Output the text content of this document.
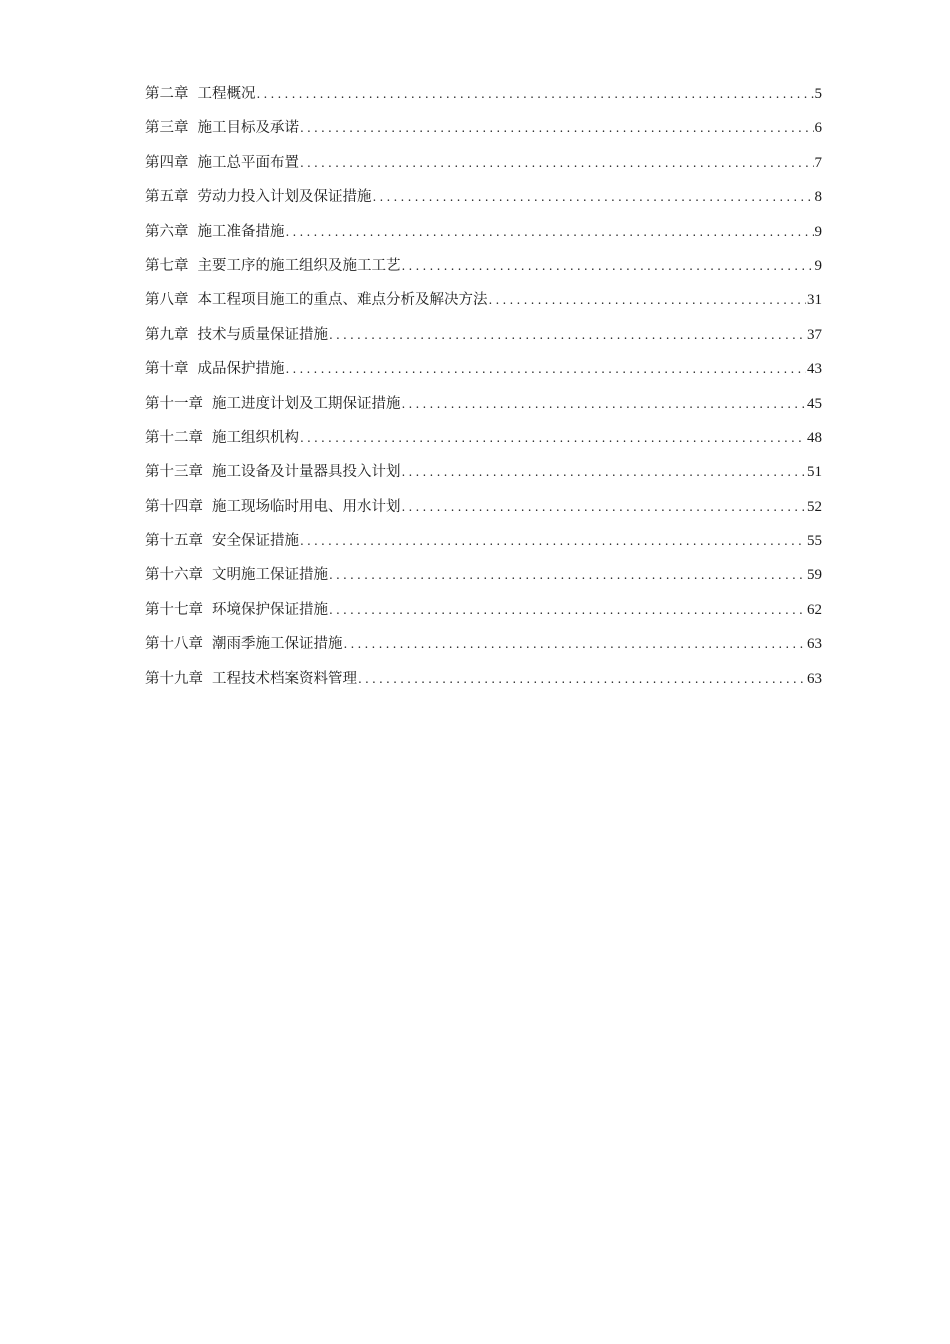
第二章 工程概况 .....	5
第三章 施工目标及承诺 .....	6
第四章 施工总平面布置 .....	7
第五章 劳动力投入计划及保证措施 .....	8
第六章 施工准备措施 .....	9
第七章 主要工序的施工组织及施工工艺 .....	9
第八章 本工程项目施工的重点、难点分析及解决方法 .....	31
第九章 技术与质量保证措施 .....	37
第十章 成品保护措施 .....	43
第十一章 施工进度计划及工期保证措施 .....	45
第十二章 施工组织机构 .....	48
第十三章 施工设备及计量器具投入计划 .....	51
第十四章 施工现场临时用电、用水计划 .....	52
第十五章 安全保证措施 .....	55
第十六章 文明施工保证措施 .....	59
第十七章 环境保护保证措施 .....	62
第十八章 潮雨季施工保证措施 .....	63
第十九章 工程技术档案资料管理 .....	63
